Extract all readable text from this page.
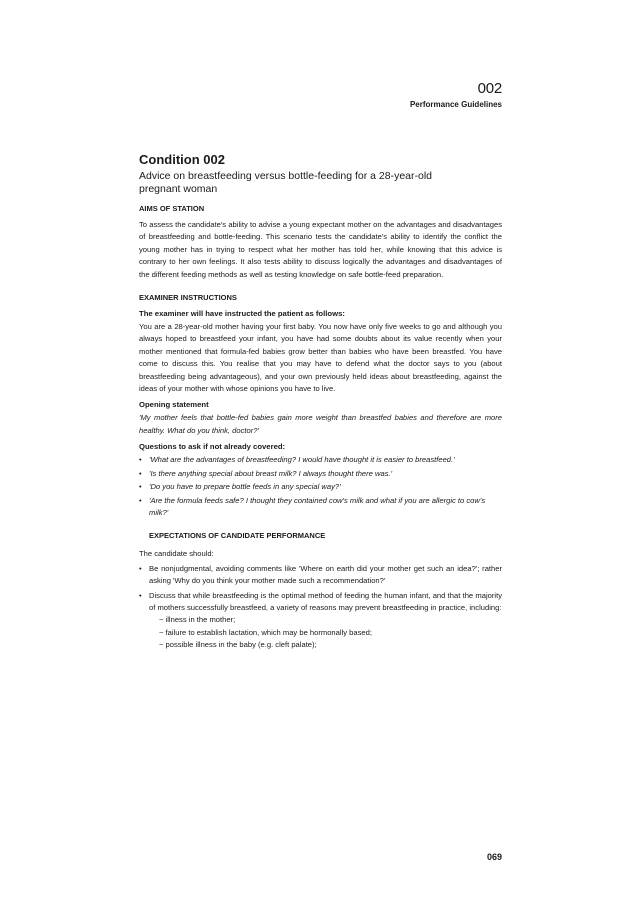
002
Performance Guidelines
Condition 002
Advice on breastfeeding versus bottle-feeding for a 28-year-old pregnant woman
AIMS OF STATION

To assess the candidate's ability to advise a young expectant mother on the advantages and disadvantages of breastfeeding and bottle-feeding. This scenario tests the candidate's ability to identify the conflict the young mother has in trying to respect what her mother has told her, while knowing that this advice is contrary to her own feelings. It also tests ability to discuss logically the advantages and disadvantages of the different feeding methods as well as testing knowledge on safe bottle-feed preparation.

EXAMINER INSTRUCTIONS
The examiner will have instructed the patient as follows:

You are a 28-year-old mother having your first baby. You now have only five weeks to go and although you always hoped to breastfeed your infant, you have had some doubts about its value recently when your mother mentioned that formula-fed babies grow better than babies who have been breastfed. You have come to discuss this. You realise that you may have to defend what the doctor says to you (about breastfeeding being advantageous), and your own previously held ideas about breastfeeding, against the ideas of your mother with whose opinions you have to live.

Opening statement

'My mother feels that bottle-fed babies gain more weight than breastfed babies and therefore are more healthy. What do you think, doctor?'

Questions to ask if not already covered:
• 'What are the advantages of breastfeeding? I would have thought it is easier to breastfeed.'
• 'Is there anything special about breast milk? I always thought there was.'
• 'Do you have to prepare bottle feeds in any special way?'
• 'Are the formula feeds safe? I thought they contained cow's milk and what if you are allergic to cow's milk?'
EXPECTATIONS OF CANDIDATE PERFORMANCE
The candidate should:
• Be nonjudgmental, avoiding comments like 'Where on earth did your mother get such an idea?'; rather asking 'Why do you think your mother made such a recommendation?'
• Discuss that while breastfeeding is the optimal method of feeding the human infant, and that the majority of mothers successfully breastfeed, a variety of reasons may prevent breastfeeding in practice, including:
~ illness in the mother;
~ failure to establish lactation, which may be hormonally based;
~ possible illness in the baby (e.g. cleft palate);
069
